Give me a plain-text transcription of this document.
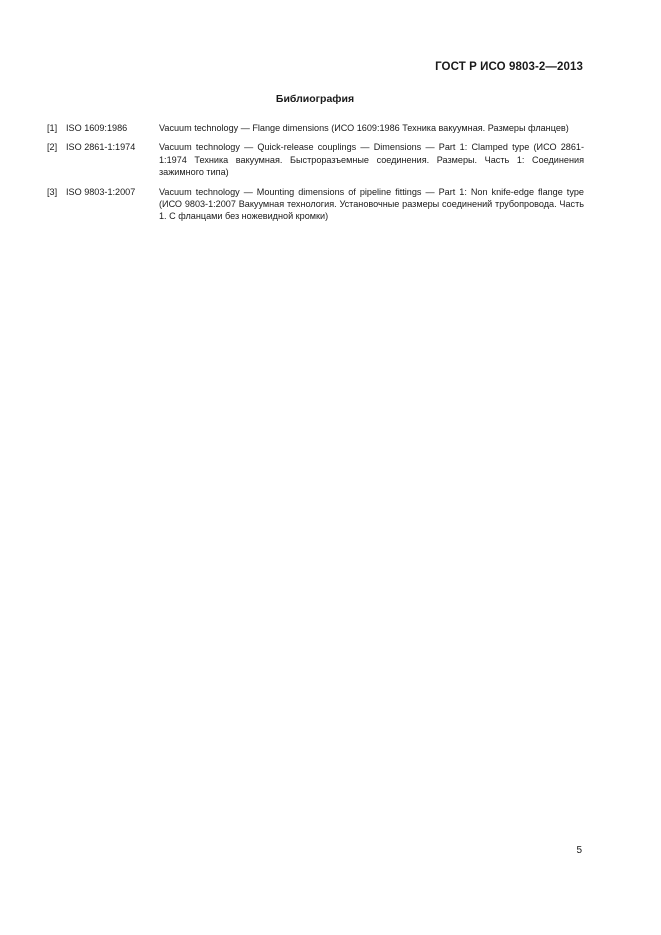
ГОСТ Р ИСО 9803-2—2013
Библиография
[1] ISO 1609:1986	Vacuum technology — Flange dimensions (ИСО 1609:1986 Техника вакуумная. Размеры фланцев)
[2] ISO 2861-1:1974	Vacuum technology — Quick-release couplings — Dimensions — Part 1: Clamped type (ИСО 2861-1:1974 Техника вакуумная. Быстроразъемные соединения. Размеры. Часть 1: Соединения зажимного типа)
[3] ISO 9803-1:2007	Vacuum technology — Mounting dimensions of pipeline fittings — Part 1: Non knife-edge flange type (ИСО 9803-1:2007 Вакуумная технология. Установочные размеры соединений трубопровода. Часть 1. С фланцами без ножевидной кромки)
5
